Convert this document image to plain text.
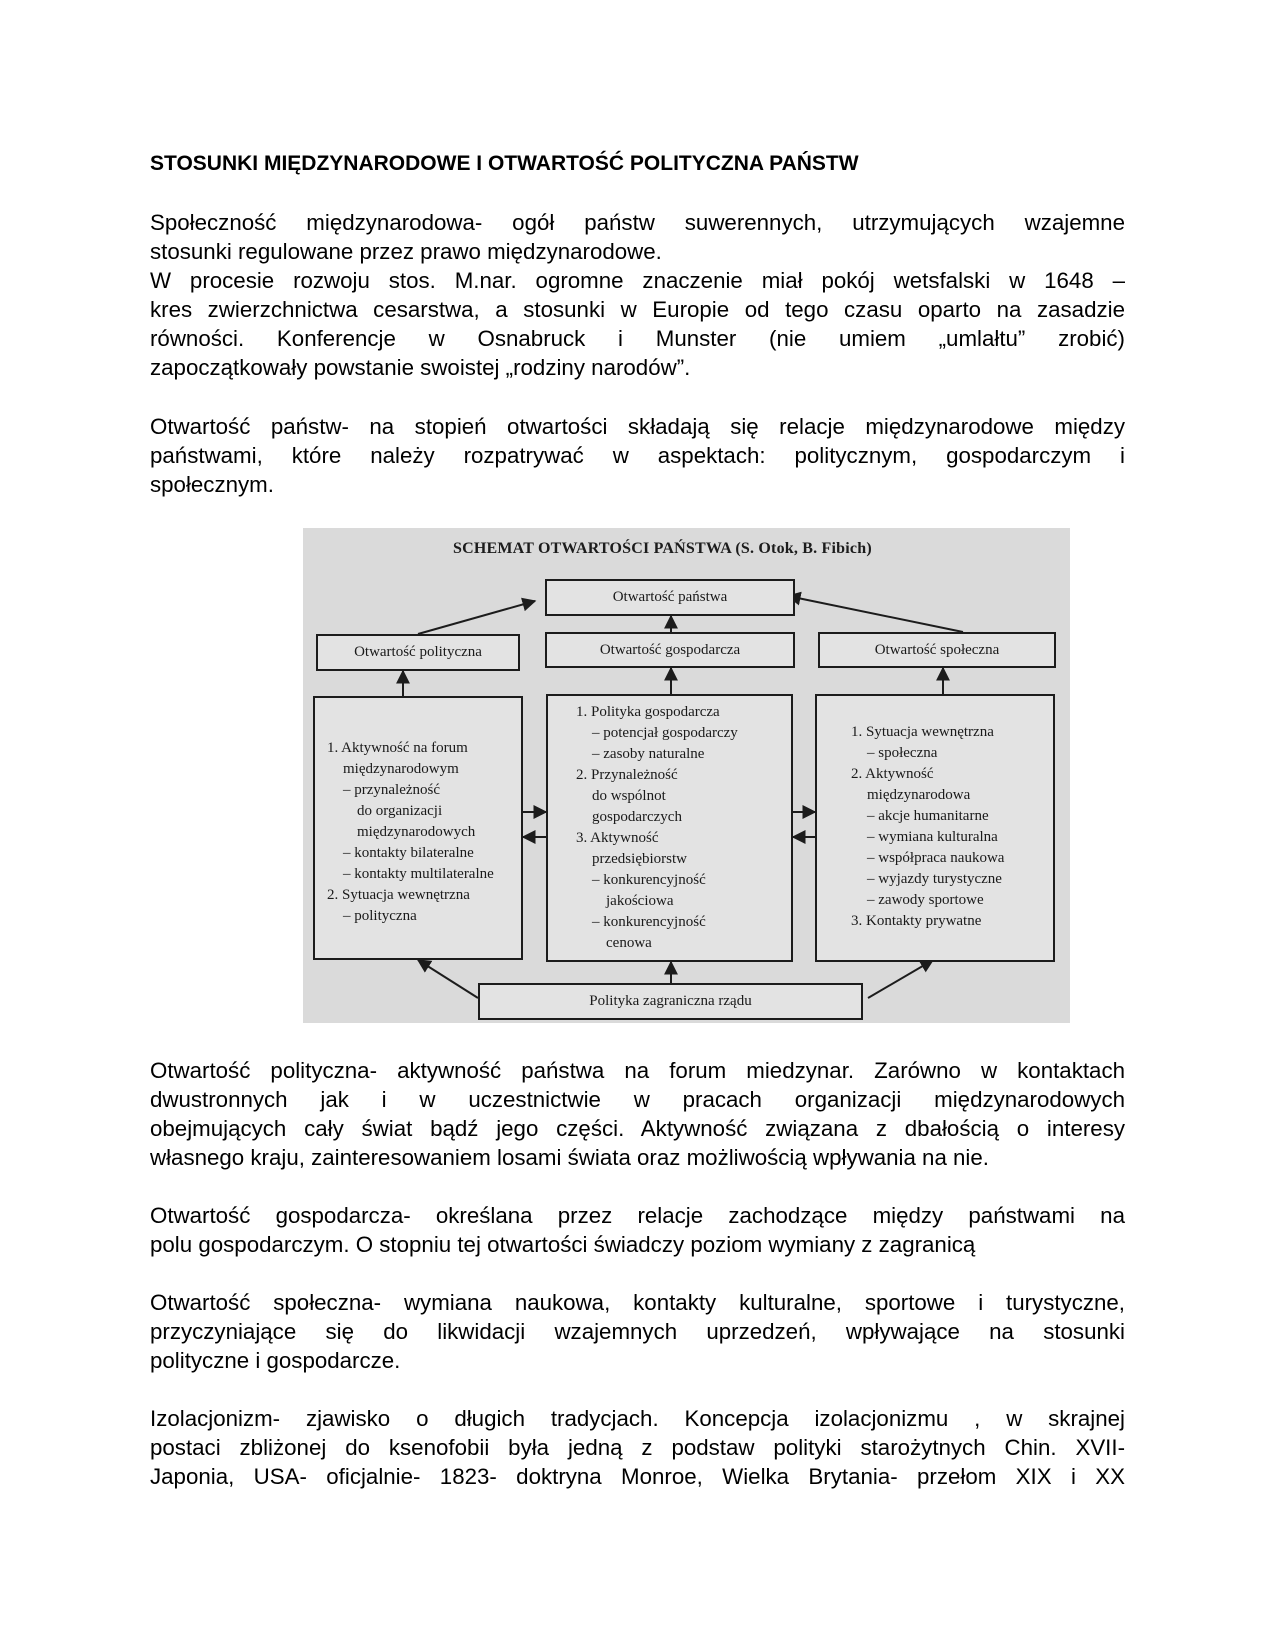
STOSUNKI MIĘDZYNARODOWE I OTWARTOŚĆ POLITYCZNA PAŃSTW
Społeczność międzynarodowa- ogół państw suwerennych, utrzymujących wzajemne
stosunki regulowane przez prawo międzynarodowe.
W procesie rozwoju stos. M.nar. ogromne znaczenie miał pokój wetsfalski w 1648 –
kres zwierzchnictwa cesarstwa, a stosunki w Europie od tego czasu oparto na zasadzie
równości. Konferencje w Osnabruck i Munster (nie umiem „umlałtu” zrobić)
zapoczątkowały powstanie swoistej „rodziny narodów”.
Otwartość państw- na stopień otwartości składają się relacje międzynarodowe między
państwami, które należy rozpatrywać w aspektach: politycznym, gospodarczym i
społecznym.
SCHEMAT OTWARTOŚCI PAŃSTWA (S. Otok, B. Fibich)
Otwartość państwa
Otwartość polityczna	Otwartość gospodarcza	Otwartość społeczna
1. Aktywność na forum
międzynarodowym
– przynależność
do organizacji
międzynarodowych
– kontakty bilateralne
– kontakty multilateralne
2. Sytuacja wewnętrzna
– polityczna
1. Polityka gospodarcza
– potencjał gospodarczy
– zasoby naturalne
2. Przynależność
do wspólnot
gospodarczych
3. Aktywność
przedsiębiorstw
– konkurencyjność
jakościowa
– konkurencyjność
cenowa
1. Sytuacja wewnętrzna
– społeczna
2. Aktywność
międzynarodowa
– akcje humanitarne
– wymiana kulturalna
– współpraca naukowa
– wyjazdy turystyczne
– zawody sportowe
3. Kontakty prywatne
Polityka zagraniczna rządu
Otwartość polityczna- aktywność państwa na forum miedzynar. Zarówno w kontaktach
dwustronnych jak i w uczestnictwie w pracach organizacji międzynarodowych
obejmujących cały świat bądź jego części. Aktywność związana z dbałością o interesy
własnego kraju, zainteresowaniem losami świata oraz możliwością wpływania na nie.
Otwartość gospodarcza- określana przez relacje zachodzące między państwami na
polu gospodarczym. O stopniu tej otwartości świadczy poziom wymiany z zagranicą
Otwartość społeczna- wymiana naukowa, kontakty kulturalne, sportowe i turystyczne,
przyczyniające się do likwidacji wzajemnych uprzedzeń, wpływające na stosunki
polityczne i gospodarcze.
Izolacjonizm- zjawisko o długich tradycjach. Koncepcja izolacjonizmu , w skrajnej
postaci zbliżonej do ksenofobii była jedną z podstaw polityki starożytnych Chin. XVII-
Japonia, USA- oficjalnie- 1823- doktryna Monroe, Wielka Brytania- przełom XIX i XX
